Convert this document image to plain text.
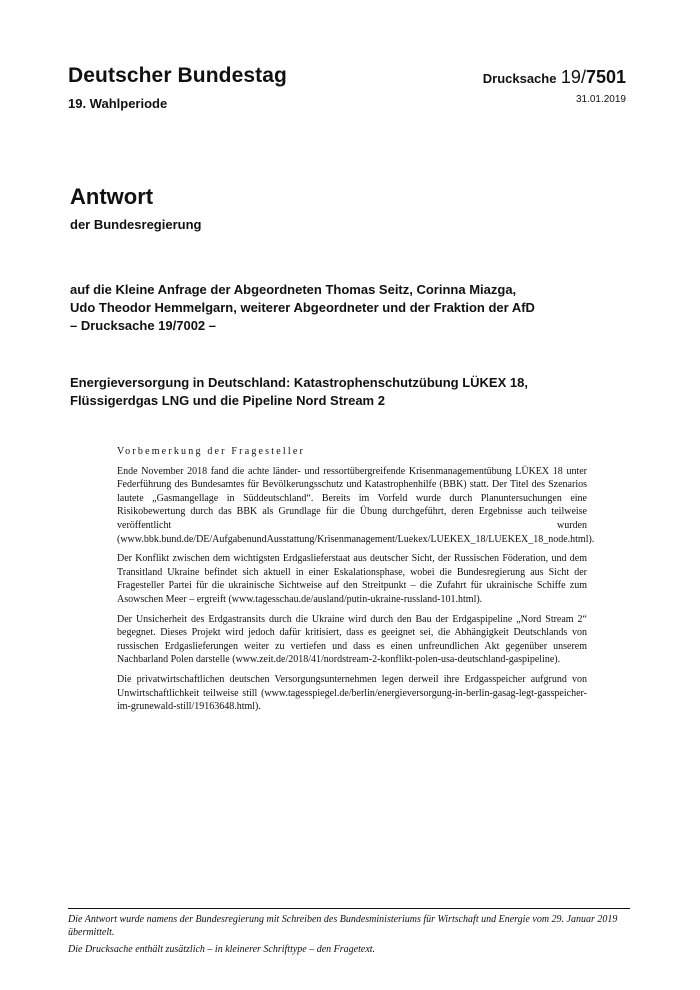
Deutscher Bundestag
19. Wahlperiode
Drucksache 19/7501
31.01.2019
Antwort
der Bundesregierung
auf die Kleine Anfrage der Abgeordneten Thomas Seitz, Corinna Miazga,
Udo Theodor Hemmelgarn, weiterer Abgeordneter und der Fraktion der AfD
– Drucksache 19/7002 –
Energieversorgung in Deutschland: Katastrophenschutzübung LÜKEX 18,
Flüssigerdgas LNG und die Pipeline Nord Stream 2
Vorbemerkung der Fragesteller

Ende November 2018 fand die achte länder- und ressortübergreifende Krisenmanagementübung LÜKEX 18 unter Federführung des Bundesamtes für Bevölkerungsschutz und Katastrophenhilfe (BBK) statt. Der Titel des Szenarios lautete „Gasmangellage in Süddeutschland“. Bereits im Vorfeld wurde durch Planuntersuchungen eine Risikobewertung durch das BBK als Grundlage für die Übung durchgeführt, deren Ergebnisse auch teilweise veröffentlicht wurden (www.bbk.bund.de/DE/AufgabenundAusstattung/Krisenmanagement/Luekex/LUEKEX_18/LUEKEX_18_node.html).

Der Konflikt zwischen dem wichtigsten Erdgaslieferstaat aus deutscher Sicht, der Russischen Föderation, und dem Transitland Ukraine befindet sich aktuell in einer Eskalationsphase, wobei die Bundesregierung aus Sicht der Fragesteller Partei für die ukrainische Sichtweise auf den Streitpunkt – die Zufahrt für ukrainische Schiffe zum Asowschen Meer – ergreift (www.tagesschau.de/ausland/putin-ukraine-russland-101.html).

Der Unsicherheit des Erdgastransits durch die Ukraine wird durch den Bau der Erdgaspipeline „Nord Stream 2“ begegnet. Dieses Projekt wird jedoch dafür kritisiert, dass es geeignet sei, die Abhängigkeit Deutschlands von russischen Erdgaslieferungen weiter zu vertiefen und dass es einen unfreundlichen Akt gegenüber unserem Nachbarland Polen darstelle (www.zeit.de/2018/41/nordstream-2-konflikt-polen-usa-deutschland-gaspipeline).

Die privatwirtschaftlichen deutschen Versorgungsunternehmen legen derweil ihre Erdgasspeicher aufgrund von Unwirtschaftlichkeit teilweise still (www.tagesspiegel.de/berlin/energieversorgung-in-berlin-gasag-legt-gasspeicher-im-grunewald-still/19163648.html).

Die Antwort wurde namens der Bundesregierung mit Schreiben des Bundesministeriums für Wirtschaft und Energie vom 29. Januar 2019 übermittelt.

Die Drucksache enthält zusätzlich – in kleinerer Schrifttype – den Fragetext.
